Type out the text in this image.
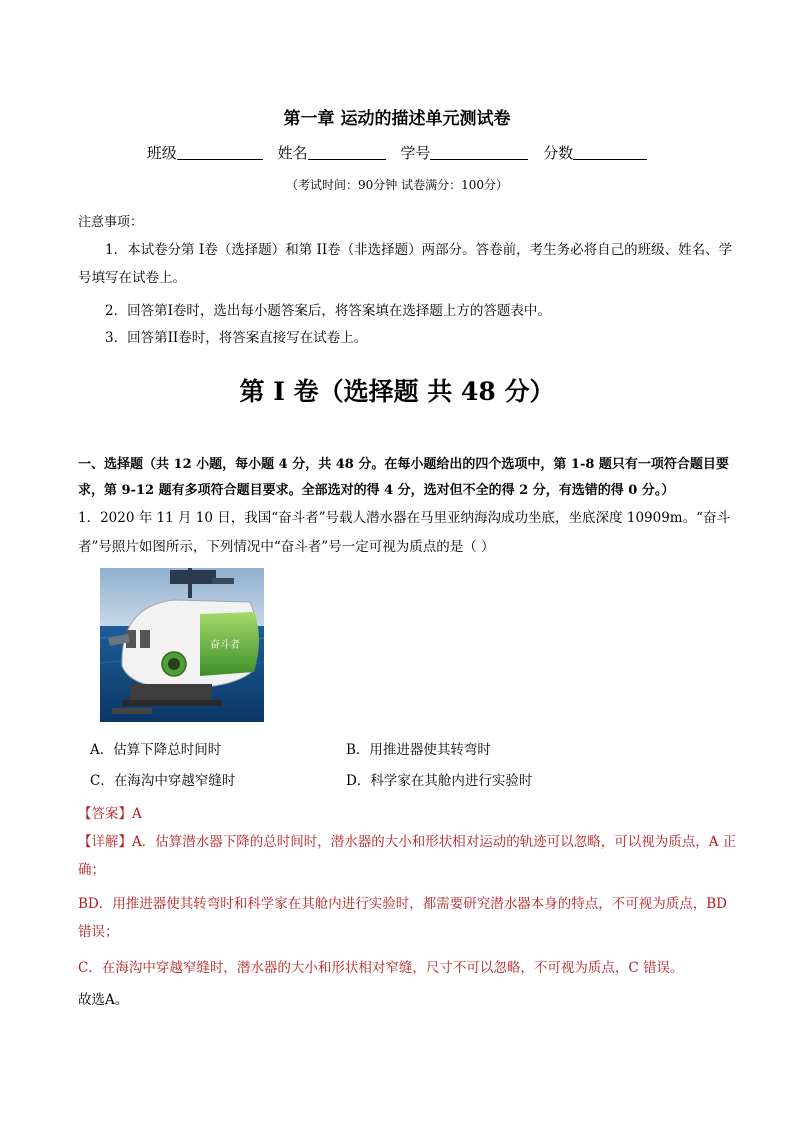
第一章 运动的描述单元测试卷
班级	姓名	学号	分数
（考试时间：90分钟 试卷满分：100分）
注意事项：
1．本试卷分第 I卷（选择题）和第 II卷（非选择题）两部分。答卷前，考生务必将自己的班级、姓名、学号填写在试卷上。
2．回答第I卷时，选出每小题答案后，将答案填在选择题上方的答题表中。
3．回答第II卷时，将答案直接写在试卷上。
第 I 卷（选择题 共 48 分）
一、选择题（共 12 小题，每小题 4 分，共 48 分。在每小题给出的四个选项中，第 1-8 题只有一项符合题目要求，第 9-12 题有多项符合题目要求。全部选对的得 4 分，选对但不全的得 2 分，有选错的得 0 分。）
1．2020 年 11 月 10 日，我国“奋斗者”号载人潜水器在马里亚纳海沟成功坐底，坐底深度 10909m。“奋斗者”号照片如图所示，下列情况中“奋斗者”号一定可视为质点的是（ ）
奋斗者
A．估算下降总时间时	B．用推进器使其转弯时
C．在海沟中穿越窄缝时	D．科学家在其舱内进行实验时
【答案】A
【详解】A．估算潜水器下降的总时间时，潜水器的大小和形状相对运动的轨迹可以忽略，可以视为质点，A 正确；
BD．用推进器使其转弯时和科学家在其舱内进行实验时，都需要研究潜水器本身的特点，不可视为质点，BD 错误；
C．在海沟中穿越窄缝时，潜水器的大小和形状相对窄缝，尺寸不可以忽略，不可视为质点，C 错误。
故选A。
